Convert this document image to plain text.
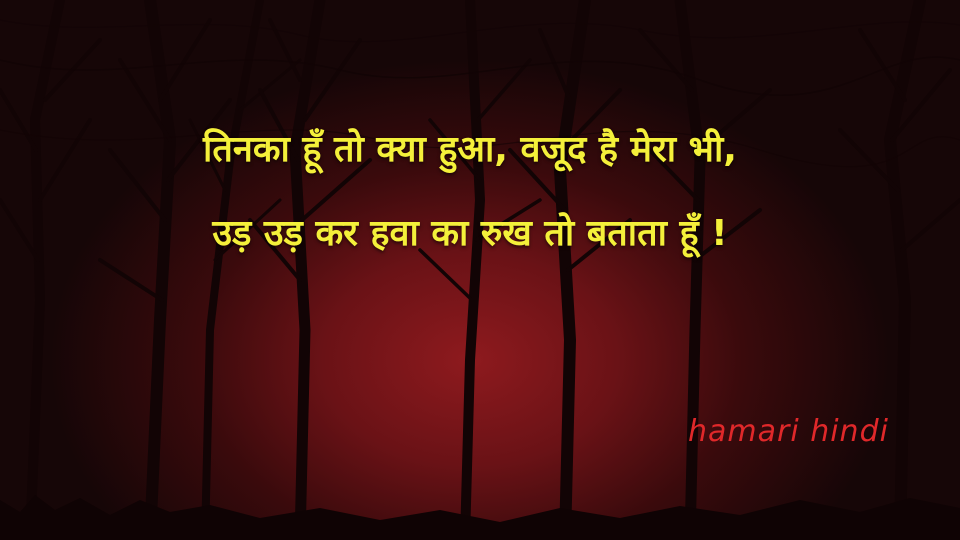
तिनका हूँ तो क्या हुआ, वजूद है मेरा भी,
उड़ उड़ कर हवा का रुख तो बताता हूँ !
hamari hindi
